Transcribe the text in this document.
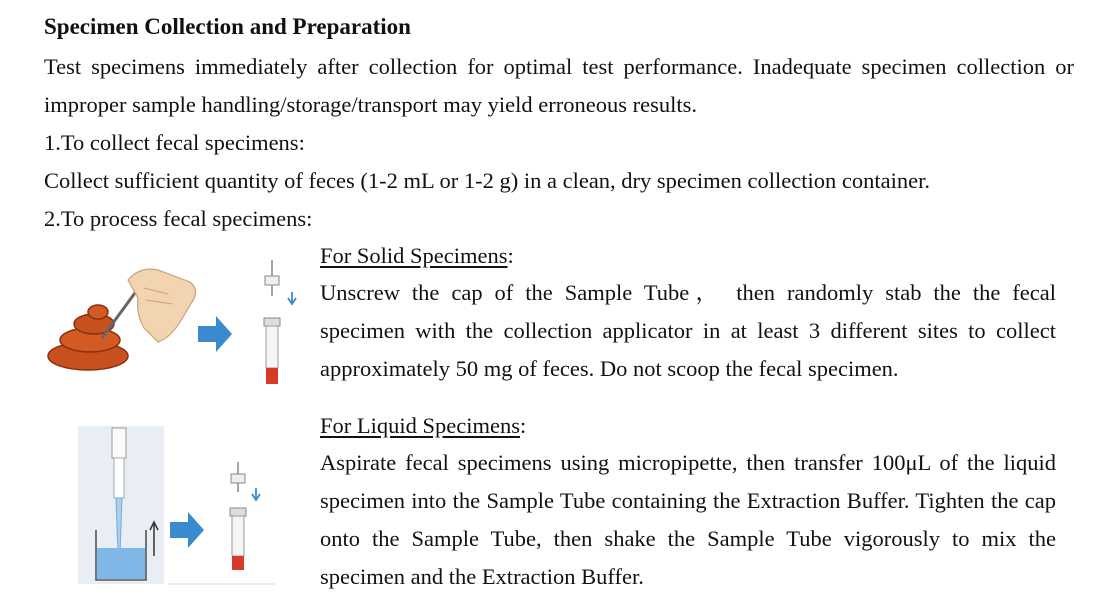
Specimen Collection and Preparation

Test specimens immediately after collection for optimal test performance. Inadequate specimen collection or improper sample handling/storage/transport may yield erroneous results.

1.To collect fecal specimens:
Collect sufficient quantity of feces (1-2 mL or 1-2 g) in a clean, dry specimen collection container.
2.To process fecal specimens:
For Solid Specimens:

Unscrew the cap of the Sample Tube， then randomly stab the the fecal specimen with the collection applicator in at least 3 different sites to collect approximately 50 mg of feces. Do not scoop the fecal specimen.

For Liquid Specimens:

Aspirate fecal specimens using micropipette, then transfer 100μL of the liquid specimen into the Sample Tube containing the Extraction Buffer. Tighten the cap onto the Sample Tube, then shake the Sample Tube vigorously to mix the specimen and the Extraction Buffer.
